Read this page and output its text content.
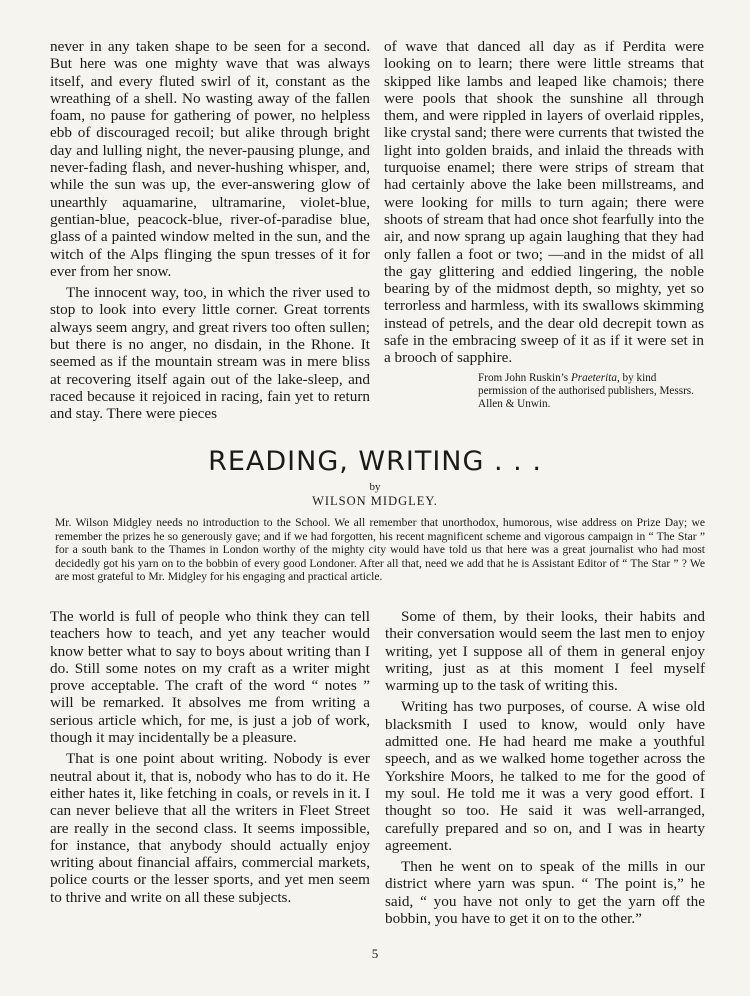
never in any taken shape to be seen for a second. But here was one mighty wave that was always itself, and every fluted swirl of it, constant as the wreathing of a shell. No wasting away of the fallen foam, no pause for gathering of power, no helpless ebb of discouraged recoil; but alike through bright day and lulling night, the never-pausing plunge, and never-fading flash, and never-hushing whisper, and, while the sun was up, the ever-answering glow of unearthly aquamarine, ultramarine, violet-blue, gentian-blue, peacock-blue, river-of-paradise blue, glass of a painted window melted in the sun, and the witch of the Alps flinging the spun tresses of it for ever from her snow.

The innocent way, too, in which the river used to stop to look into every little corner. Great torrents always seem angry, and great rivers too often sullen; but there is no anger, no disdain, in the Rhone. It seemed as if the mountain stream was in mere bliss at recovering itself again out of the lake-sleep, and raced because it rejoiced in racing, fain yet to return and stay. There were pieces

of wave that danced all day as if Perdita were looking on to learn; there were little streams that skipped like lambs and leaped like chamois; there were pools that shook the sunshine all through them, and were rippled in layers of overlaid ripples, like crystal sand; there were currents that twisted the light into golden braids, and inlaid the threads with turquoise enamel; there were strips of stream that had certainly above the lake been millstreams, and were looking for mills to turn again; there were shoots of stream that had once shot fearfully into the air, and now sprang up again laughing that they had only fallen a foot or two; —and in the midst of all the gay glittering and eddied lingering, the noble bearing by of the midmost depth, so mighty, yet so terrorless and harmless, with its swallows skimming instead of petrels, and the dear old decrepit town as safe in the embracing sweep of it as if it were set in a brooch of sapphire.

From John Ruskin’s Praeterita, by kind permission of the authorised publishers, Messrs. Allen & Unwin.
READING, WRITING . . .
by
WILSON MIDGLEY.
Mr. Wilson Midgley needs no introduction to the School. We all remember that unorthodox, humorous, wise address on Prize Day; we remember the prizes he so generously gave; and if we had forgotten, his recent magnificent scheme and vigorous campaign in “ The Star ” for a south bank to the Thames in London worthy of the mighty city would have told us that here was a great journalist who had most decidedly got his yarn on to the bobbin of every good Londoner. After all that, need we add that he is Assistant Editor of “ The Star ” ? We are most grateful to Mr. Midgley for his engaging and practical article.

The world is full of people who think they can tell teachers how to teach, and yet any teacher would know better what to say to boys about writing than I do. Still some notes on my craft as a writer might prove acceptable. The craft of the word “ notes ” will be remarked. It absolves me from writing a serious article which, for me, is just a job of work, though it may incidentally be a pleasure.

That is one point about writing. Nobody is ever neutral about it, that is, nobody who has to do it. He either hates it, like fetching in coals, or revels in it. I can never believe that all the writers in Fleet Street are really in the second class. It seems impossible, for instance, that anybody should actually enjoy writing about financial affairs, commercial markets, police courts or the lesser sports, and yet men seem to thrive and write on all these subjects.

Some of them, by their looks, their habits and their conversation would seem the last men to enjoy writing, yet I suppose all of them in general enjoy writing, just as at this moment I feel myself warming up to the task of writing this.

Writing has two purposes, of course. A wise old blacksmith I used to know, would only have admitted one. He had heard me make a youthful speech, and as we walked home together across the Yorkshire Moors, he talked to me for the good of my soul. He told me it was a very good effort. I thought so too. He said it was well-arranged, carefully prepared and so on, and I was in hearty agreement.

Then he went on to speak of the mills in our district where yarn was spun. “ The point is,” he said, “ you have not only to get the yarn off the bobbin, you have to get it on to the other.”

5
